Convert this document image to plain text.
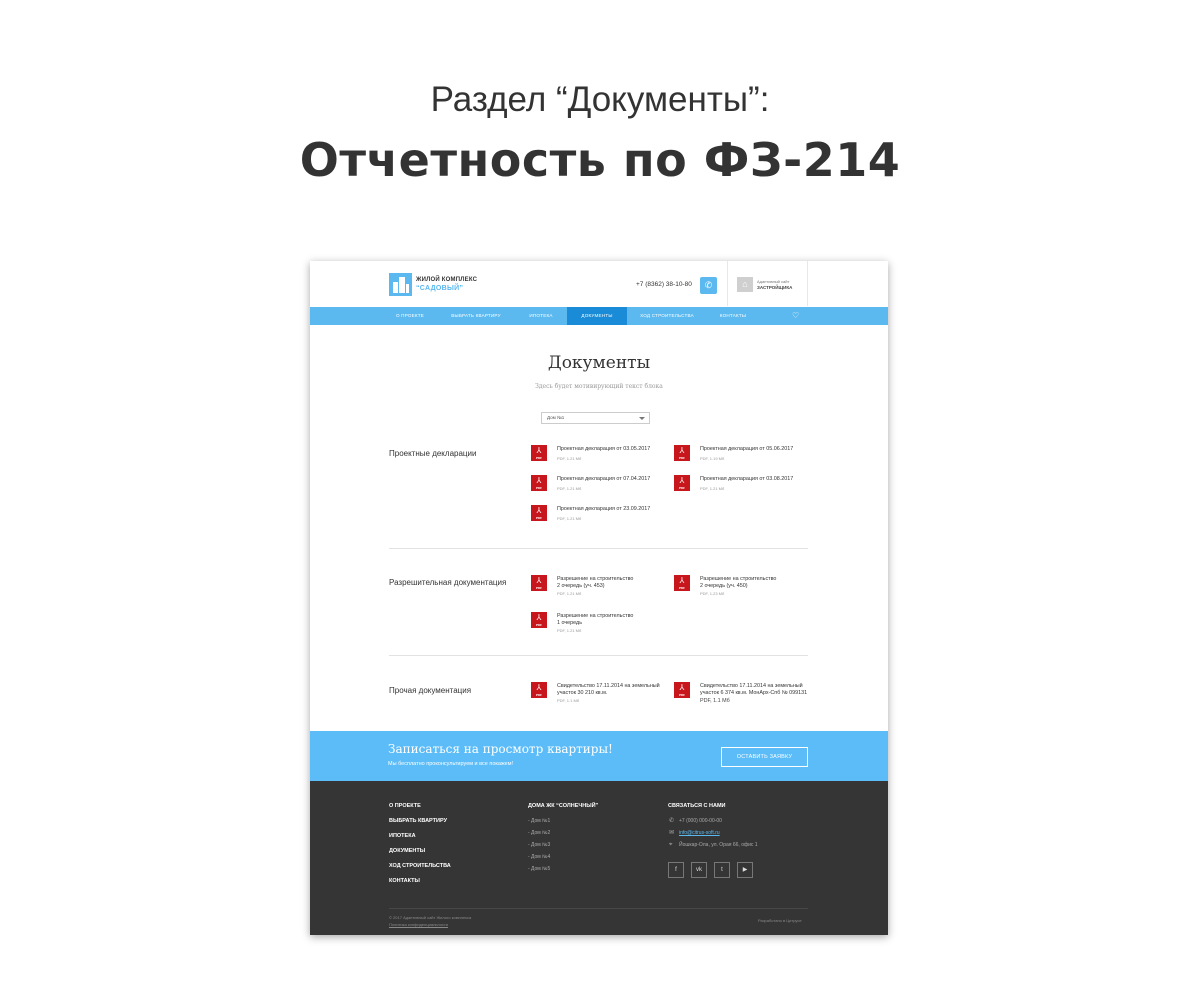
Раздел “Документы”:
Отчетность по ФЗ-214
ЖИЛОЙ КОМПЛЕКС
“САДОВЫЙ”
+7 (8362) 38-10-80	✆	⌂	Адаптивный сайт
ЗАСТРОЙЩИКА
О ПРОЕКТЕ	ВЫБРАТЬ КВАРТИРУ	ИПОТЕКА	ДОКУМЕНТЫ	ХОД СТРОИТЕЛЬСТВА	КОНТАКТЫ	♡
Документы
Здесь будет мотивирующий текст блока
Дом №1
Проектные декларации	⅄
PDF
Проектная декларация от 03.05.2017
PDF, 1.21 Мб
⅄
PDF
Проектная декларация от 05.06.2017
PDF, 1.19 Мб
⅄
PDF
Проектная декларация от 07.04.2017
PDF, 1.21 Мб
⅄
PDF
Проектная декларация от 03.08.2017
PDF, 1.21 Мб
⅄
PDF
Проектная декларация от 23.09.2017
PDF, 1.21 Мб
Разрешительная документация	⅄
PDF
Разрешение на строительство
2 очередь (уч. 453)
PDF, 1.21 Мб
⅄
PDF
Разрешение на строительство
2 очередь (уч. 450)
PDF, 1.23 Мб
⅄
PDF
Разрешение на строительство
1 очередь
PDF, 1.21 Мб
Прочая документация	⅄
PDF
Свидетельство 17.11.2014 на земельный
участок 30 210 кв.м.
PDF, 1.1 Мб
⅄
PDF
Свидетельство 17.11.2014 на земельный
участок 6 374 кв.м. МонАрх-Спб № 099131
PDF, 1.1 Мб
Записаться на просмотр квартиры!
Мы бесплатно проконсультируем и все покажем!
ОСТАВИТЬ ЗАЯВКУ
О ПРОЕКТЕ
ВЫБРАТЬ КВАРТИРУ
ИПОТЕКА
ДОКУМЕНТЫ
ХОД СТРОИТЕЛЬСТВА
КОНТАКТЫ
ДОМА ЖК “СОЛНЕЧНЫЙ”
- Дом №1
- Дом №2
- Дом №3
- Дом №4
- Дом №5
СВЯЗАТЬСЯ С НАМИ
✆ +7 (000) 000-00-00
✉ info@citrus-soft.ru
⌖ Йошкар-Ола, ул. Орая 66, офис 1
f	vk	t	▶
© 2017 Адаптивный сайт Жилого комплекса
Политика конфиденциальности
Разработано в Цитрусе
